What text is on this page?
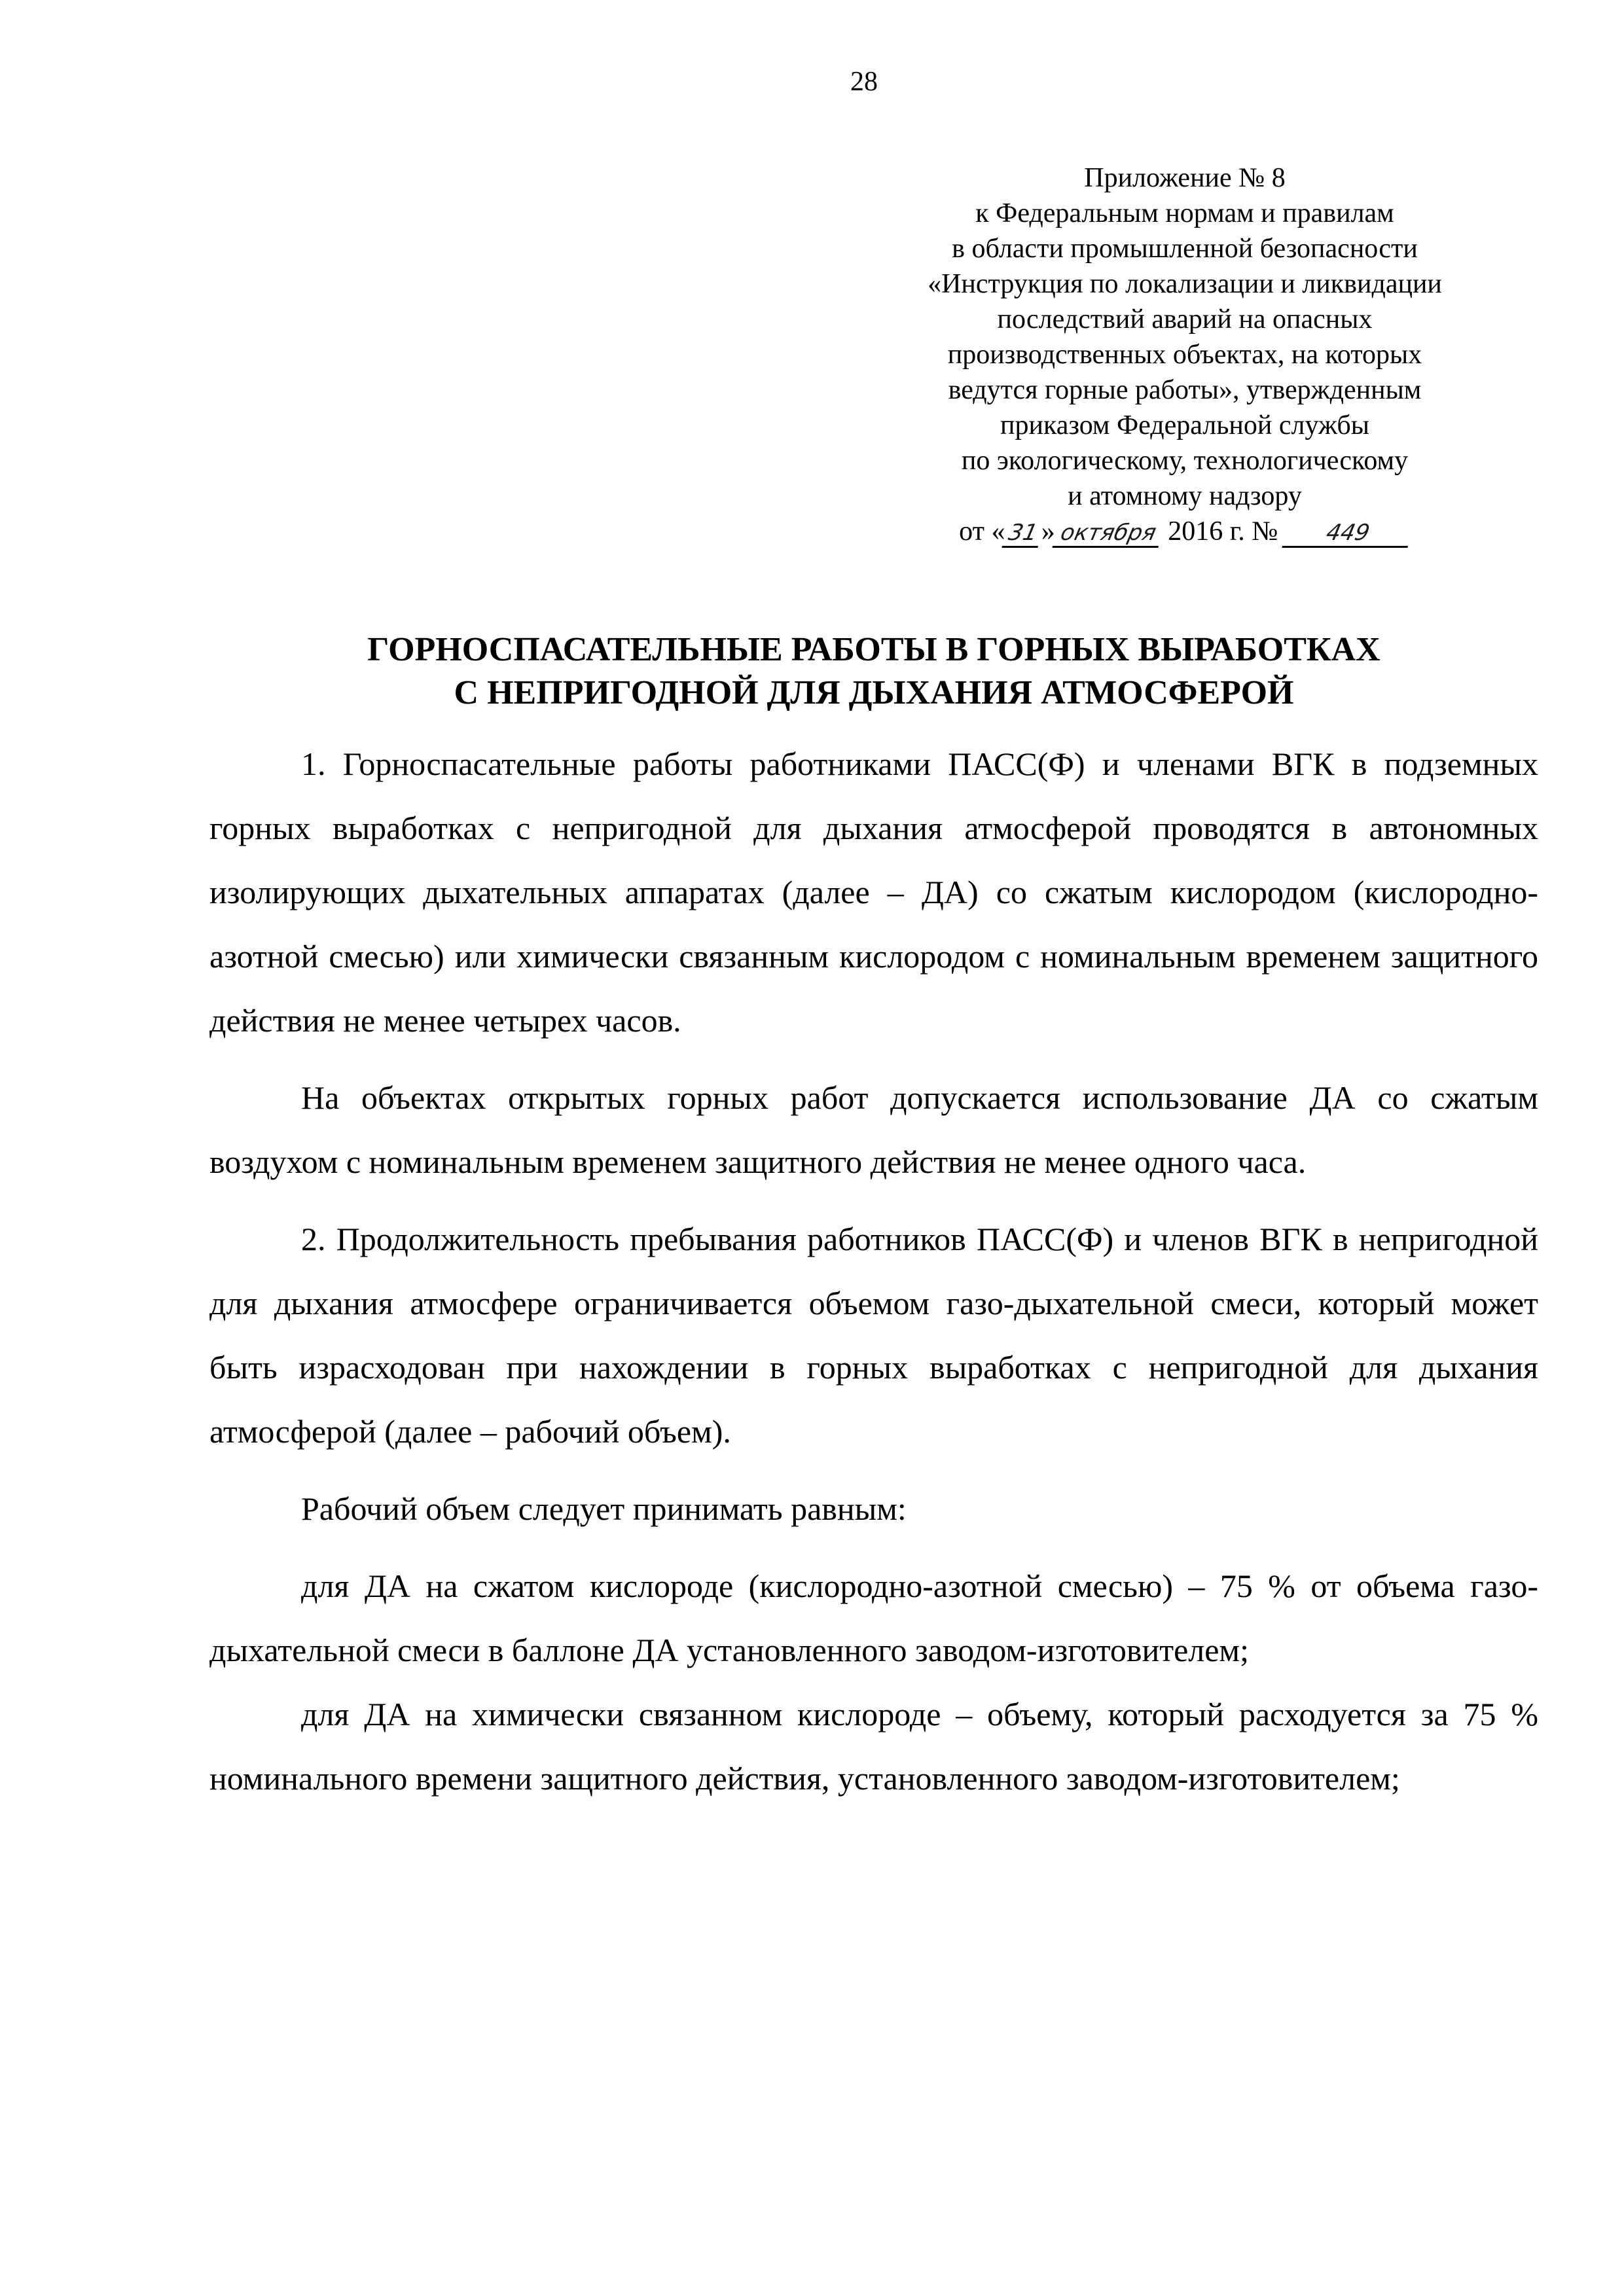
28
Приложение № 8
к Федеральным нормам и правилам
в области промышленной безопасности
«Инструкция по локализации и ликвидации
последствий аварий на опасных
производственных объектах, на которых
ведутся горные работы», утвержденным
приказом Федеральной службы
по экологическому, технологическому
и атомному надзору
от «31» октября 2016 г. № 449
ГОРНОСПАСАТЕЛЬНЫЕ РАБОТЫ В ГОРНЫХ ВЫРАБОТКАХ
С НЕПРИГОДНОЙ ДЛЯ ДЫХАНИЯ АТМОСФЕРОЙ

1. Горноспасательные работы работниками ПАСС(Ф) и членами ВГК в подземных горных выработках с непригодной для дыхания атмосферой проводятся в автономных изолирующих дыхательных аппаратах (далее – ДА) со сжатым кислородом (кислородно-азотной смесью) или химически связанным кислородом с номинальным временем защитного действия не менее четырех часов.

На объектах открытых горных работ допускается использование ДА со сжатым воздухом с номинальным временем защитного действия не менее одного часа.

2. Продолжительность пребывания работников ПАСС(Ф) и членов ВГК в непригодной для дыхания атмосфере ограничивается объемом газо-дыхательной смеси, который может быть израсходован при нахождении в горных выработках с непригодной для дыхания атмосферой (далее – рабочий объем).

Рабочий объем следует принимать равным:

для ДА на сжатом кислороде (кислородно-азотной смесью) – 75 % от объема газо-дыхательной смеси в баллоне ДА установленного заводом-изготовителем;

для ДА на химически связанном кислороде – объему, который расходуется за 75 % номинального времени защитного действия, установленного заводом-изготовителем;
